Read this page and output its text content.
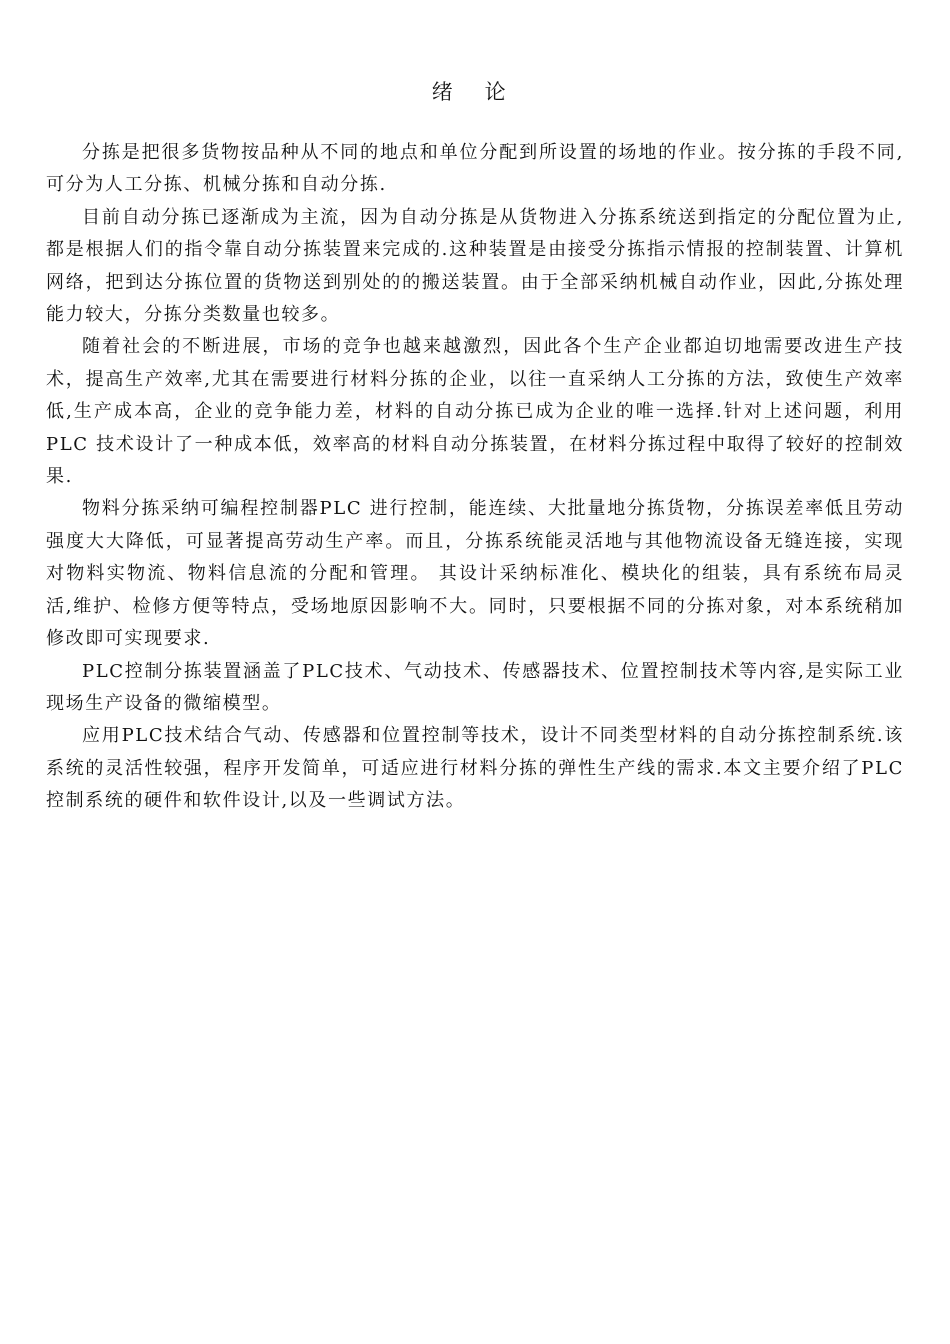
绪 论

分拣是把很多货物按品种从不同的地点和单位分配到所设置的场地的作业。按分拣的手段不同,可分为人工分拣、机械分拣和自动分拣.

目前自动分拣已逐渐成为主流，因为自动分拣是从货物进入分拣系统送到指定的分配位置为止,都是根据人们的指令靠自动分拣装置来完成的.这种装置是由接受分拣指示情报的控制装置、计算机网络，把到达分拣位置的货物送到别处的的搬送装置。由于全部采纳机械自动作业，因此,分拣处理能力较大，分拣分类数量也较多。

随着社会的不断进展，市场的竞争也越来越激烈，因此各个生产企业都迫切地需要改进生产技术，提高生产效率,尤其在需要进行材料分拣的企业，以往一直采纳人工分拣的方法，致使生产效率低,生产成本高，企业的竞争能力差，材料的自动分拣已成为企业的唯一选择.针对上述问题，利用 PLC 技术设计了一种成本低，效率高的材料自动分拣装置，在材料分拣过程中取得了较好的控制效果.

物料分拣采纳可编程控制器PLC 进行控制，能连续、大批量地分拣货物，分拣误差率低且劳动强度大大降低，可显著提高劳动生产率。而且，分拣系统能灵活地与其他物流设备无缝连接，实现对物料实物流、物料信息流的分配和管理。 其设计采纳标准化、模块化的组装，具有系统布局灵活,维护、检修方便等特点，受场地原因影响不大。同时，只要根据不同的分拣对象，对本系统稍加修改即可实现要求.

PLC控制分拣装置涵盖了PLC技术、气动技术、传感器技术、位置控制技术等内容,是实际工业现场生产设备的微缩模型。

应用PLC技术结合气动、传感器和位置控制等技术，设计不同类型材料的自动分拣控制系统.该系统的灵活性较强，程序开发简单，可适应进行材料分拣的弹性生产线的需求.本文主要介绍了PLC控制系统的硬件和软件设计,以及一些调试方法。
